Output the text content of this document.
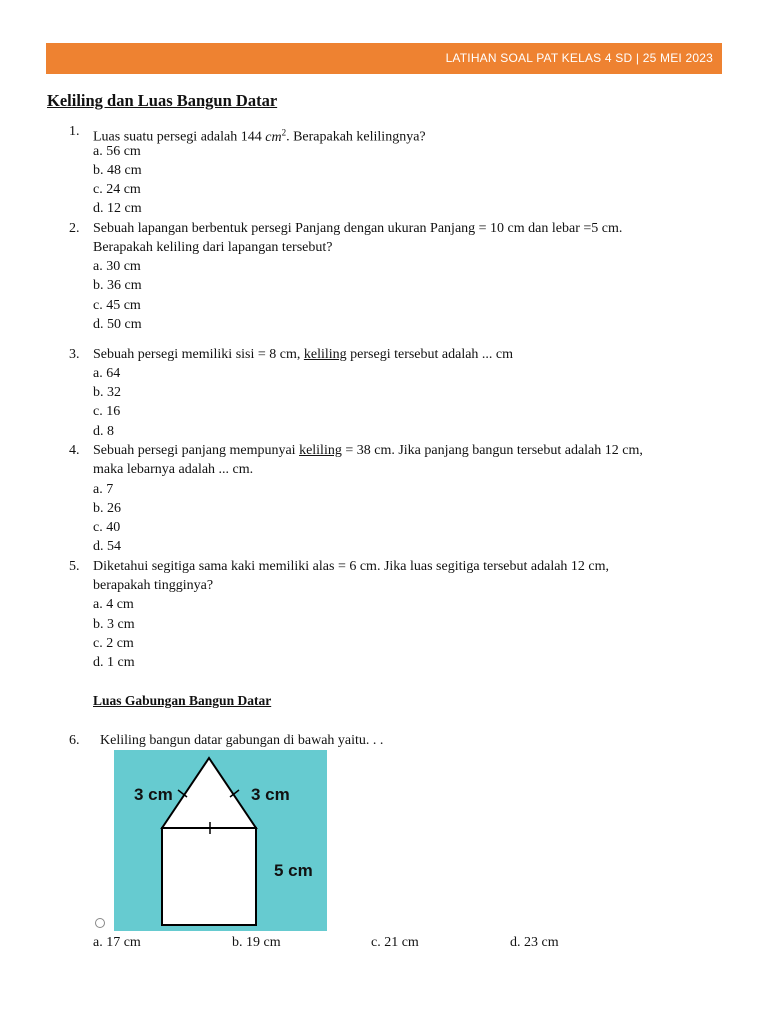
LATIHAN SOAL PAT KELAS 4 SD | 25 MEI 2023
Keliling dan Luas Bangun Datar
1. Luas suatu persegi adalah 144 $cm^2$. Berapakah kelilingnya?
a. 56 cm
b. 48 cm
c. 24 cm
d. 12 cm
2. Sebuah lapangan berbentuk persegi Panjang dengan ukuran Panjang = 10 cm dan lebar =5 cm.
Berapakah keliling dari lapangan tersebut?
a. 30 cm
b. 36 cm
c. 45 cm
d. 50 cm
3. Sebuah persegi memiliki sisi = 8 cm, keliling persegi tersebut adalah ... cm
a. 64
b. 32
c. 16
d. 8
4. Sebuah persegi panjang mempunyai keliling = 38 cm. Jika panjang bangun tersebut adalah 12 cm,
maka lebarnya adalah ... cm.
a. 7
b. 26
c. 40
d. 54
5. Diketahui segitiga sama kaki memiliki alas = 6 cm. Jika luas segitiga tersebut adalah 12 cm,
berapakah tingginya?
a. 4 cm
b. 3 cm
c. 2 cm
d. 1 cm
Luas Gabungan Bangun Datar
6. Keliling bangun datar gabungan di bawah yaitu. . .
3 cm	3 cm
5 cm
a. 17 cm	b. 19 cm	c. 21 cm	d. 23 cm
